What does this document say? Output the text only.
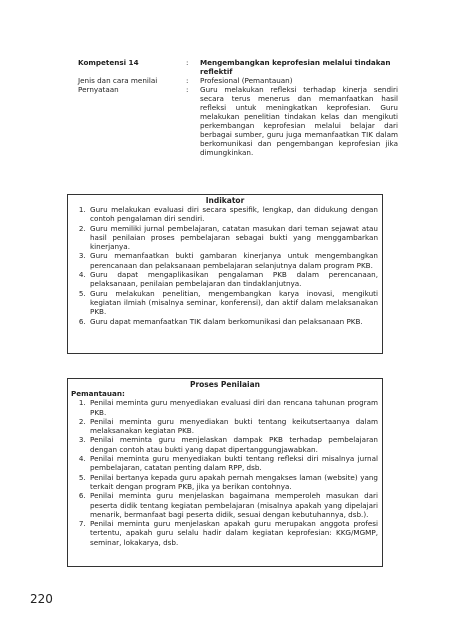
Kompetensi 14	:	Mengembangkan keprofesian melalui tindakan reflektif
Jenis dan cara menilai	:	Profesional (Pemantauan)
Pernyataan	:	Guru melakukan refleksi terhadap kinerja sendiri secara terus menerus dan memanfaatkan hasil refleksi untuk meningkatkan keprofesian. Guru melakukan penelitian tindakan kelas dan mengikuti perkembangan keprofesian melalui belajar dari berbagai sumber, guru juga memanfaatkan TIK dalam berkomunikasi dan pengembangan keprofesian jika dimungkinkan.
Indikator
1. Guru melakukan evaluasi diri secara spesifik, lengkap, dan didukung dengan contoh pengalaman diri sendiri.
2. Guru memiliki jurnal pembelajaran, catatan masukan dari teman sejawat atau hasil penilaian proses pembelajaran sebagai bukti yang menggambarkan kinerjanya.
3. Guru memanfaatkan bukti gambaran kinerjanya untuk mengembangkan perencanaan dan pelaksanaan pembelajaran selanjutnya dalam program PKB.
4. Guru dapat mengaplikasikan pengalaman PKB dalam perencanaan, pelaksanaan, penilaian pembelajaran dan tindaklanjutnya.
5. Guru melakukan penelitian, mengembangkan karya inovasi, mengikuti kegiatan ilmiah (misalnya seminar, konferensi), dan aktif dalam melaksanakan PKB.
6. Guru dapat memanfaatkan TIK dalam berkomunikasi dan pelaksanaan PKB.
Proses Penilaian
Pemantauan:
1. Penilai meminta guru menyediakan evaluasi diri dan rencana tahunan program PKB.
2. Penilai meminta guru menyediakan bukti tentang keikutsertaanya dalam melaksanakan kegiatan PKB.
3. Penilai meminta guru menjelaskan dampak PKB terhadap pembelajaran dengan contoh atau bukti yang dapat dipertanggungjawabkan.
4. Penilai meminta guru menyediakan bukti tentang refleksi diri misalnya jurnal pembelajaran, catatan penting dalam RPP, dsb.
5. Penilai bertanya kepada guru apakah pernah mengakses laman (website) yang terkait dengan program PKB, jika ya berikan contohnya.
6. Penilai meminta guru menjelaskan bagaimana memperoleh masukan dari peserta didik tentang kegiatan pembelajaran (misalnya apakah yang dipelajari menarik, bermanfaat bagi peserta didik, sesuai dengan kebutuhannya, dsb.).
7. Penilai meminta guru menjelaskan apakah guru merupakan anggota profesi tertentu, apakah guru selalu hadir dalam kegiatan keprofesian: KKG/MGMP, seminar, lokakarya, dsb.
220
